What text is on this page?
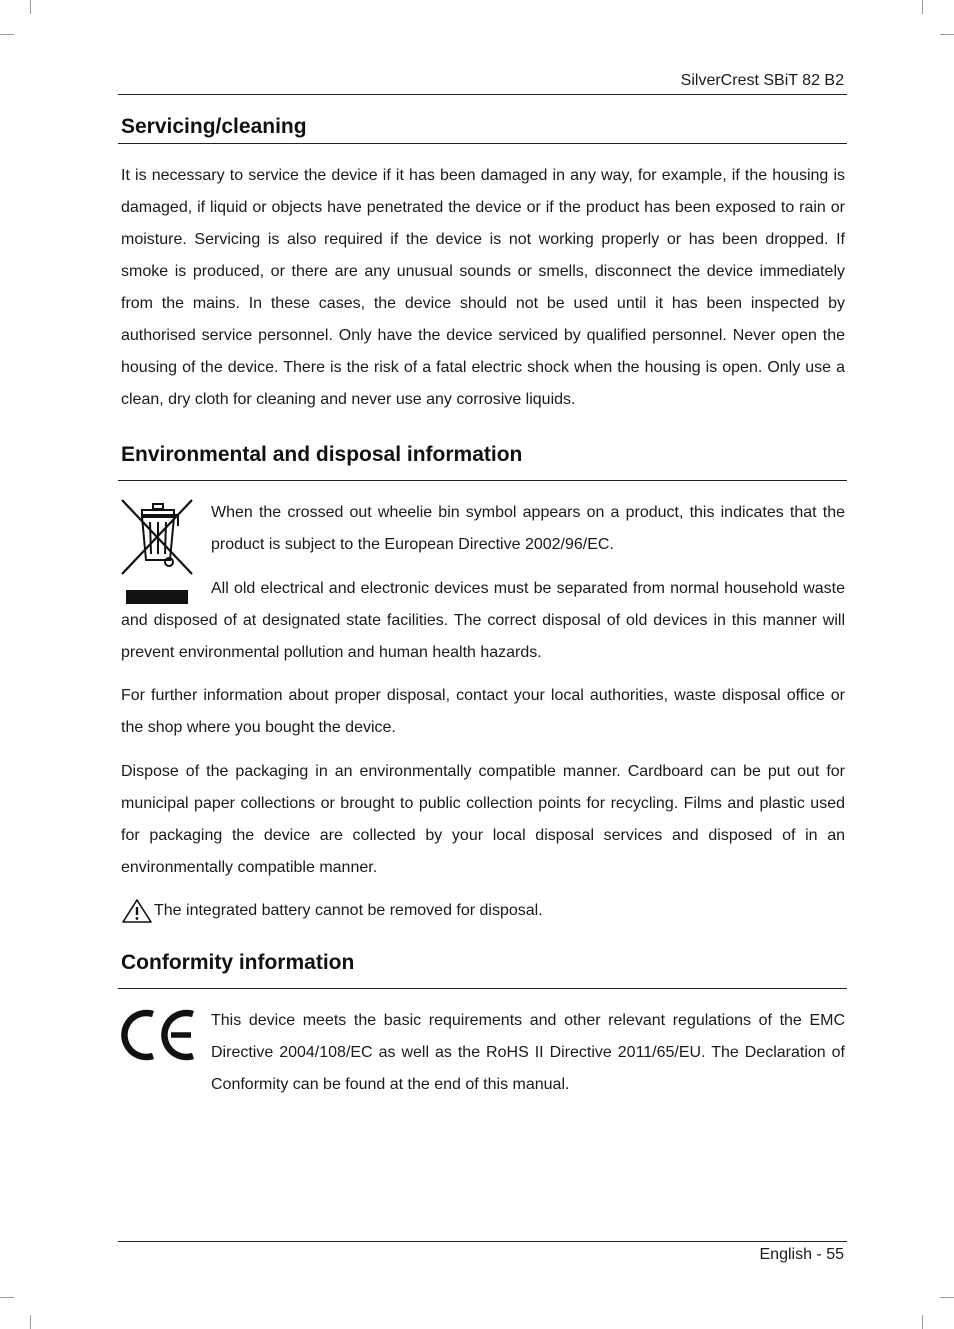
SilverCrest SBiT 82 B2
Servicing/cleaning

It is necessary to service the device if it has been damaged in any way, for example, if the housing is damaged, if liquid or objects have penetrated the device or if the product has been exposed to rain or moisture. Servicing is also required if the device is not working properly or has been dropped. If smoke is produced, or there are any unusual sounds or smells, disconnect the device immediately from the mains. In these cases, the device should not be used until it has been inspected by authorised service personnel. Only have the device serviced by qualified personnel. Never open the housing of the device. There is the risk of a fatal electric shock when the housing is open. Only use a clean, dry cloth for cleaning and never use any corrosive liquids.

Environmental and disposal information

When the crossed out wheelie bin symbol appears on a product, this indicates that the product is subject to the European Directive 2002/96/EC.

All old electrical and electronic devices must be separated from normal household waste and disposed of at designated state facilities. The correct disposal of old devices in this manner will prevent environmental pollution and human health hazards.

For further information about proper disposal, contact your local authorities, waste disposal office or the shop where you bought the device.

Dispose of the packaging in an environmentally compatible manner. Cardboard can be put out for municipal paper collections or brought to public collection points for recycling. Films and plastic used for packaging the device are collected by your local disposal services and disposed of in an environmentally compatible manner.

The integrated battery cannot be removed for disposal.
Conformity information

This device meets the basic requirements and other relevant regulations of the EMC Directive 2004/108/EC as well as the RoHS II Directive 2011/65/EU. The Declaration of Conformity can be found at the end of this manual.

English - 55
